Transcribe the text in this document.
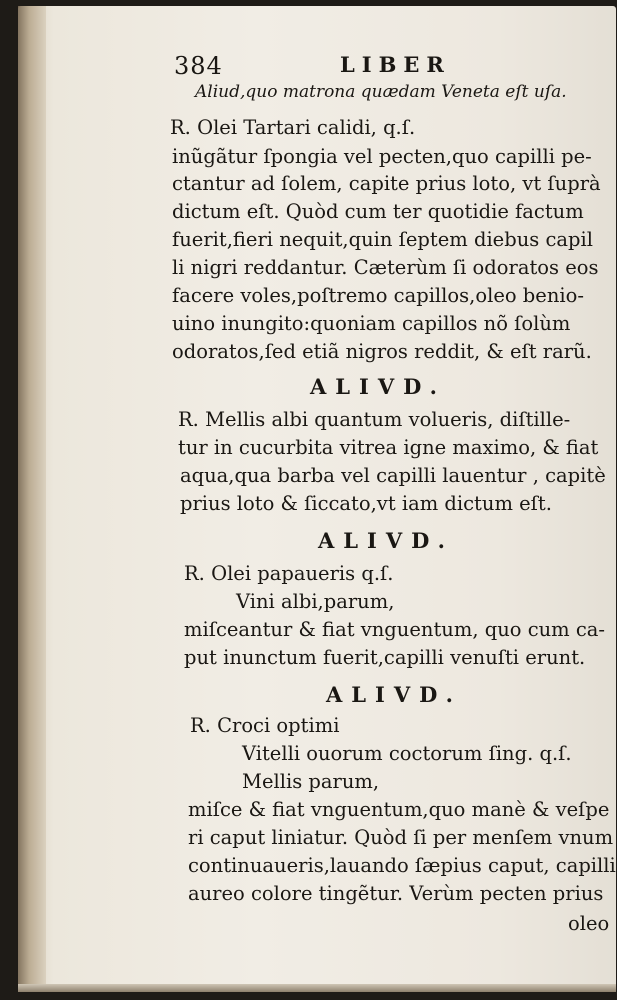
384	LIBER
Aliud,quo matrona quædam Veneta eſt uſa.
R. Olei Tartari calidi, q.ſ.
inũgãtur ſpongia vel pecten,quo capilli pe-
ctantur ad ſolem, capite prius loto, vt ſuprà
dictum eſt. Quòd cum ter quotidie factum
fuerit,fieri nequit,quin ſeptem diebus capil
li nigri reddantur. Cæterùm ſi odoratos eos
facere voles,poſtremo capillos,oleo benio-
uino inungito:quoniam capillos nõ ſolùm
odoratos,ſed etiã nigros reddit, & eſt rarũ.
ALIVD.
R. Mellis albi quantum volueris, diſtille-
tur in cucurbita vitrea igne maximo, & fiat
aqua,qua barba vel capilli lauentur , capitè
prius loto & ſiccato,vt iam dictum eſt.
ALIVD.
R. Olei papaueris q.ſ.
Vini albi,parum,
miſceantur & fiat vnguentum, quo cum ca-
put inunctum fuerit,capilli venuſti erunt.
ALIVD.
R. Croci optimi
Vitelli ouorum coctorum ſing. q.ſ.
Mellis parum,
miſce & fiat vnguentum,quo manè & veſpe
ri caput liniatur. Quòd ſi per menſem vnum
continuaueris,lauando ſæpius caput, capilli
aureo colore tingẽtur. Verùm pecten prius
oleo
